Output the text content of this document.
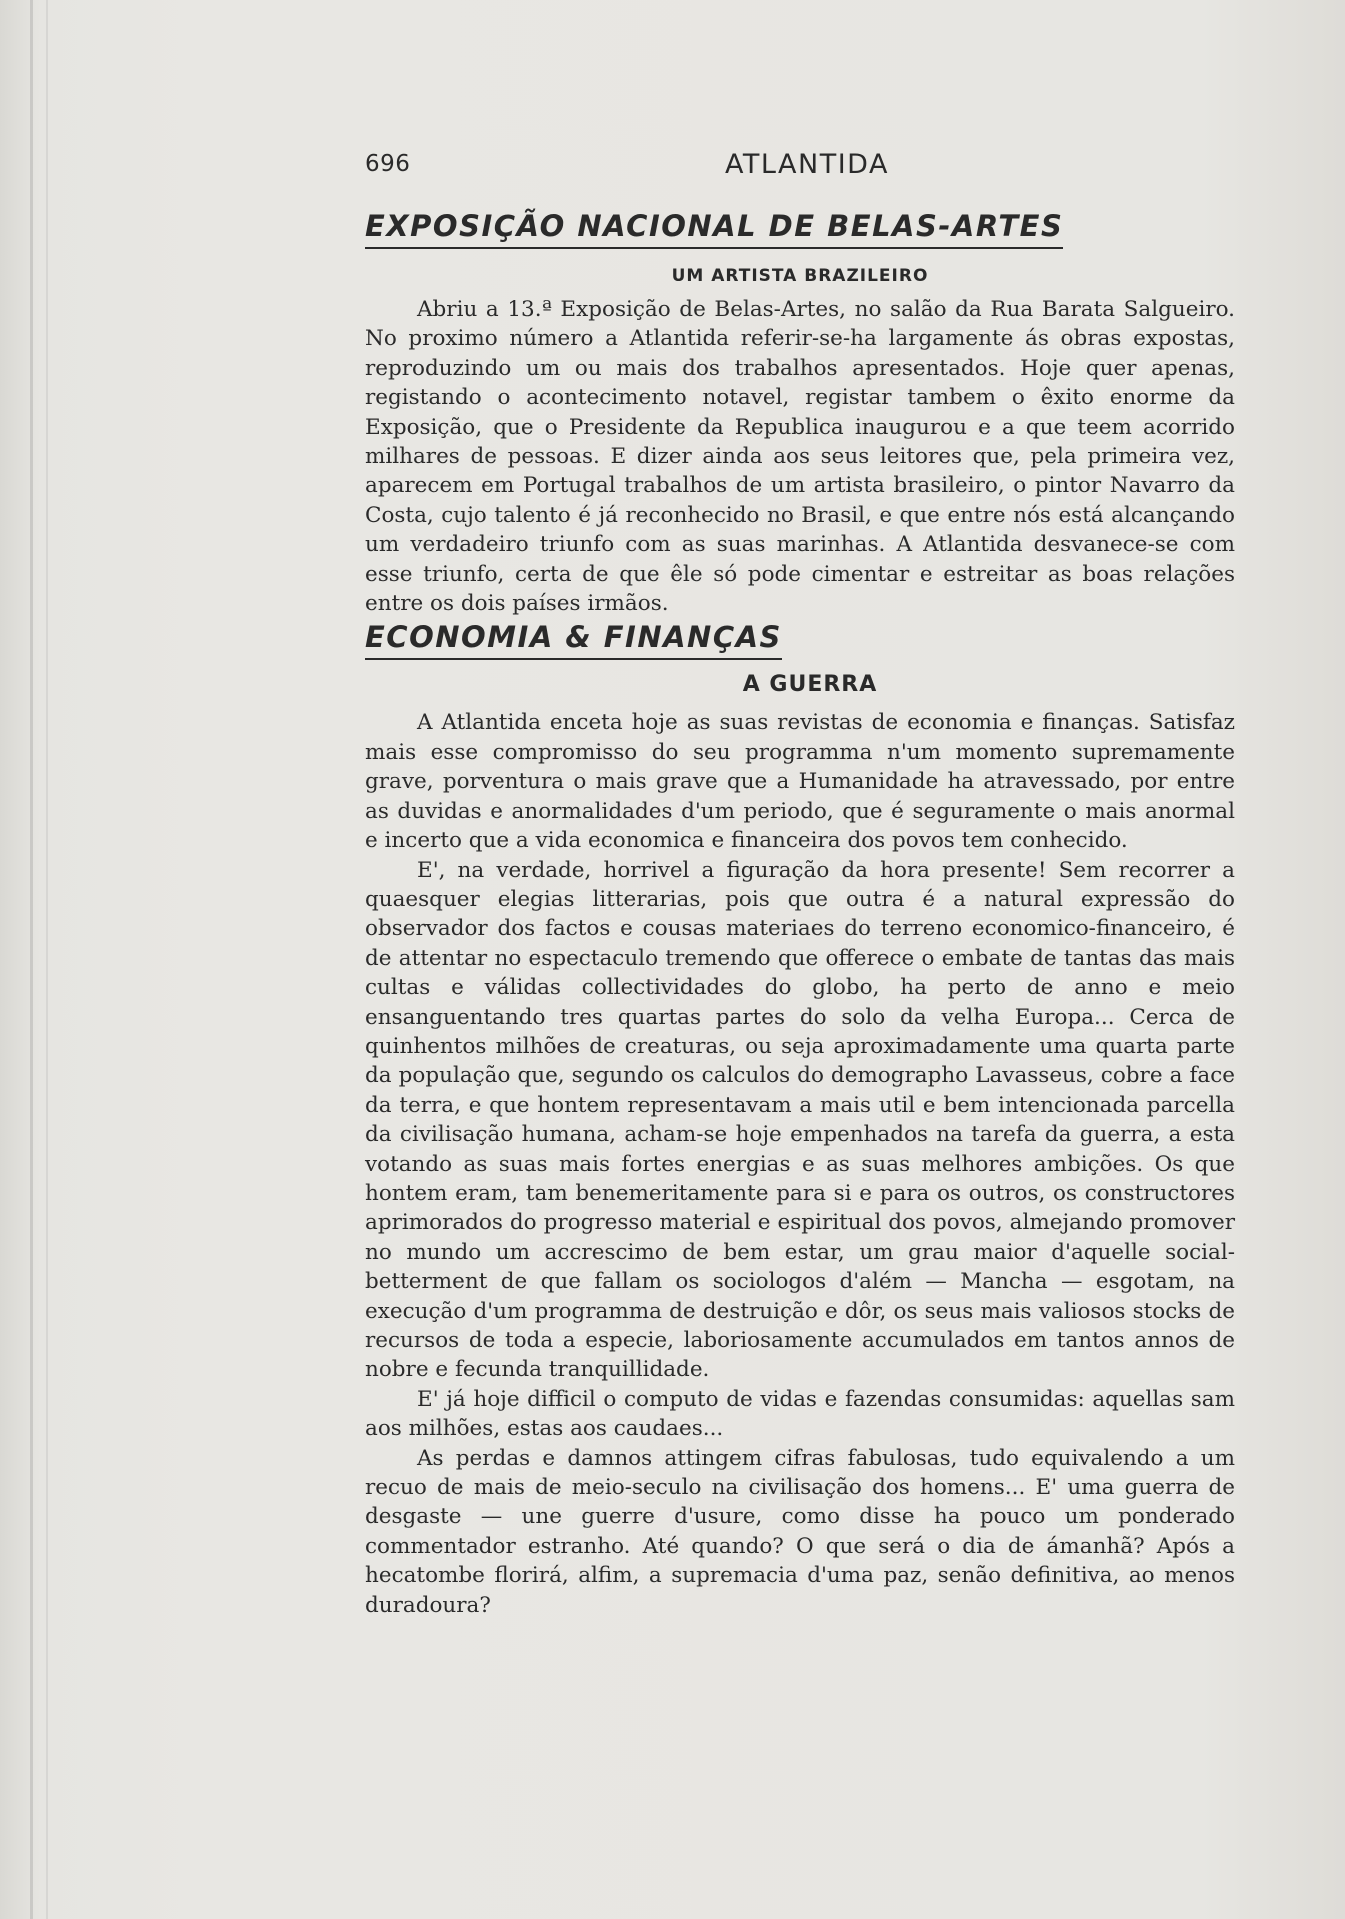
696	ATLANTIDA
EXPOSIÇÃO NACIONAL DE BELAS-ARTES
UM ARTISTA BRAZILEIRO

Abriu a 13.ª Exposição de Belas-Artes, no salão da Rua Barata Salgueiro. No proximo número a Atlantida referir-se-ha largamente ás obras expostas, reproduzindo um ou mais dos trabalhos apresentados. Hoje quer apenas, registando o acontecimento notavel, registar tambem o êxito enorme da Exposição, que o Presidente da Republica inaugurou e a que teem acorrido milhares de pessoas. E dizer ainda aos seus leitores que, pela primeira vez, aparecem em Portugal trabalhos de um artista brasileiro, o pintor Navarro da Costa, cujo talento é já reconhecido no Brasil, e que entre nós está alcançando um verdadeiro triunfo com as suas marinhas. A Atlantida desvanece-se com esse triunfo, certa de que êle só pode cimentar e estreitar as boas relações entre os dois países irmãos.

ECONOMIA & FINANÇAS
A GUERRA

A Atlantida enceta hoje as suas revistas de economia e finanças. Satisfaz mais esse compromisso do seu programma n'um momento supremamente grave, porventura o mais grave que a Humanidade ha atravessado, por entre as duvidas e anormalidades d'um periodo, que é seguramente o mais anormal e incerto que a vida economica e financeira dos povos tem conhecido.

E', na verdade, horrivel a figuração da hora presente! Sem recorrer a quaesquer elegias litterarias, pois que outra é a natural expressão do observador dos factos e cousas materiaes do terreno economico-financeiro, é de attentar no espectaculo tremendo que offerece o embate de tantas das mais cultas e válidas collectividades do globo, ha perto de anno e meio ensanguentando tres quartas partes do solo da velha Europa... Cerca de quinhentos milhões de creaturas, ou seja aproximadamente uma quarta parte da população que, segundo os calculos do demographo Lavasseus, cobre a face da terra, e que hontem representavam a mais util e bem intencionada parcella da civilisação humana, acham-se hoje empenhados na tarefa da guerra, a esta votando as suas mais fortes energias e as suas melhores ambições. Os que hontem eram, tam benemeritamente para si e para os outros, os constructores aprimorados do progresso material e espiritual dos povos, almejando promover no mundo um accrescimo de bem estar, um grau maior d'aquelle social-betterment de que fallam os sociologos d'além — Mancha — esgotam, na execução d'um programma de destruição e dôr, os seus mais valiosos stocks de recursos de toda a especie, laboriosamente accumulados em tantos annos de nobre e fecunda tranquillidade.

E' já hoje difficil o computo de vidas e fazendas consumidas: aquellas sam aos milhões, estas aos caudaes...

As perdas e damnos attingem cifras fabulosas, tudo equivalendo a um recuo de mais de meio-seculo na civilisação dos homens... E' uma guerra de desgaste — une guerre d'usure, como disse ha pouco um ponderado commentador estranho. Até quando? O que será o dia de ámanhã? Após a hecatombe florirá, alfim, a supremacia d'uma paz, senão definitiva, ao menos duradoura?
